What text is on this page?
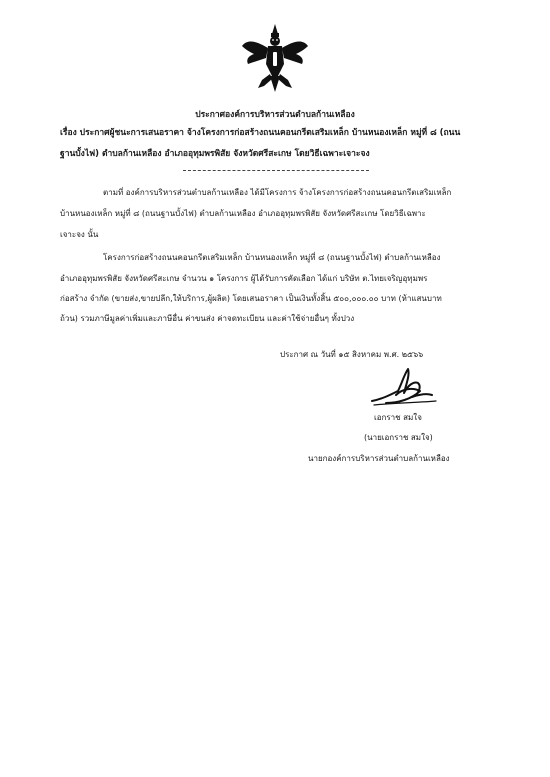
ประกาศองค์การบริหารส่วนตำบลก้านเหลือง
เรื่อง ประกาศผู้ชนะการเสนอราคา จ้างโครงการก่อสร้างถนนคอนกรีตเสริมเหล็ก บ้านหนองเหล็ก หมู่ที่ ๘ (ถนน
ฐานบั้งไฟ) ตำบลก้านเหลือง อำเภออุทุมพรพิสัย จังหวัดศรีสะเกษ โดยวิธีเฉพาะเจาะจง
ตามที่ องค์การบริหารส่วนตำบลก้านเหลือง ได้มีโครงการ จ้างโครงการก่อสร้างถนนคอนกรีตเสริมเหล็ก
บ้านหนองเหล็ก หมู่ที่ ๘ (ถนนฐานบั้งไฟ) ตำบลก้านเหลือง อำเภออุทุมพรพิสัย จังหวัดศรีสะเกษ โดยวิธีเฉพาะ
เจาะจง นั้น
โครงการก่อสร้างถนนคอนกรีตเสริมเหล็ก บ้านหนองเหล็ก หมู่ที่ ๘ (ถนนฐานบั้งไฟ) ตำบลก้านเหลือง
อำเภออุทุมพรพิสัย จังหวัดศรีสะเกษ จำนวน ๑ โครงการ ผู้ได้รับการคัดเลือก ได้แก่ บริษัท ต.ไทยเจริญอุทุมพร
ก่อสร้าง จำกัด (ขายส่ง,ขายปลีก,ให้บริการ,ผู้ผลิต) โดยเสนอราคา เป็นเงินทั้งสิ้น ๕๐๐,๐๐๐.๐๐ บาท (ห้าแสนบาท
ถ้วน) รวมภาษีมูลค่าเพิ่มและภาษีอื่น ค่าขนส่ง ค่าจดทะเบียน และค่าใช้จ่ายอื่นๆ ทั้งปวง
ประกาศ ณ วันที่ ๑๕ สิงหาคม พ.ศ. ๒๕๖๖
เอกราช สมใจ
(นายเอกราช สมใจ)
นายกองค์การบริหารส่วนตำบลก้านเหลือง
